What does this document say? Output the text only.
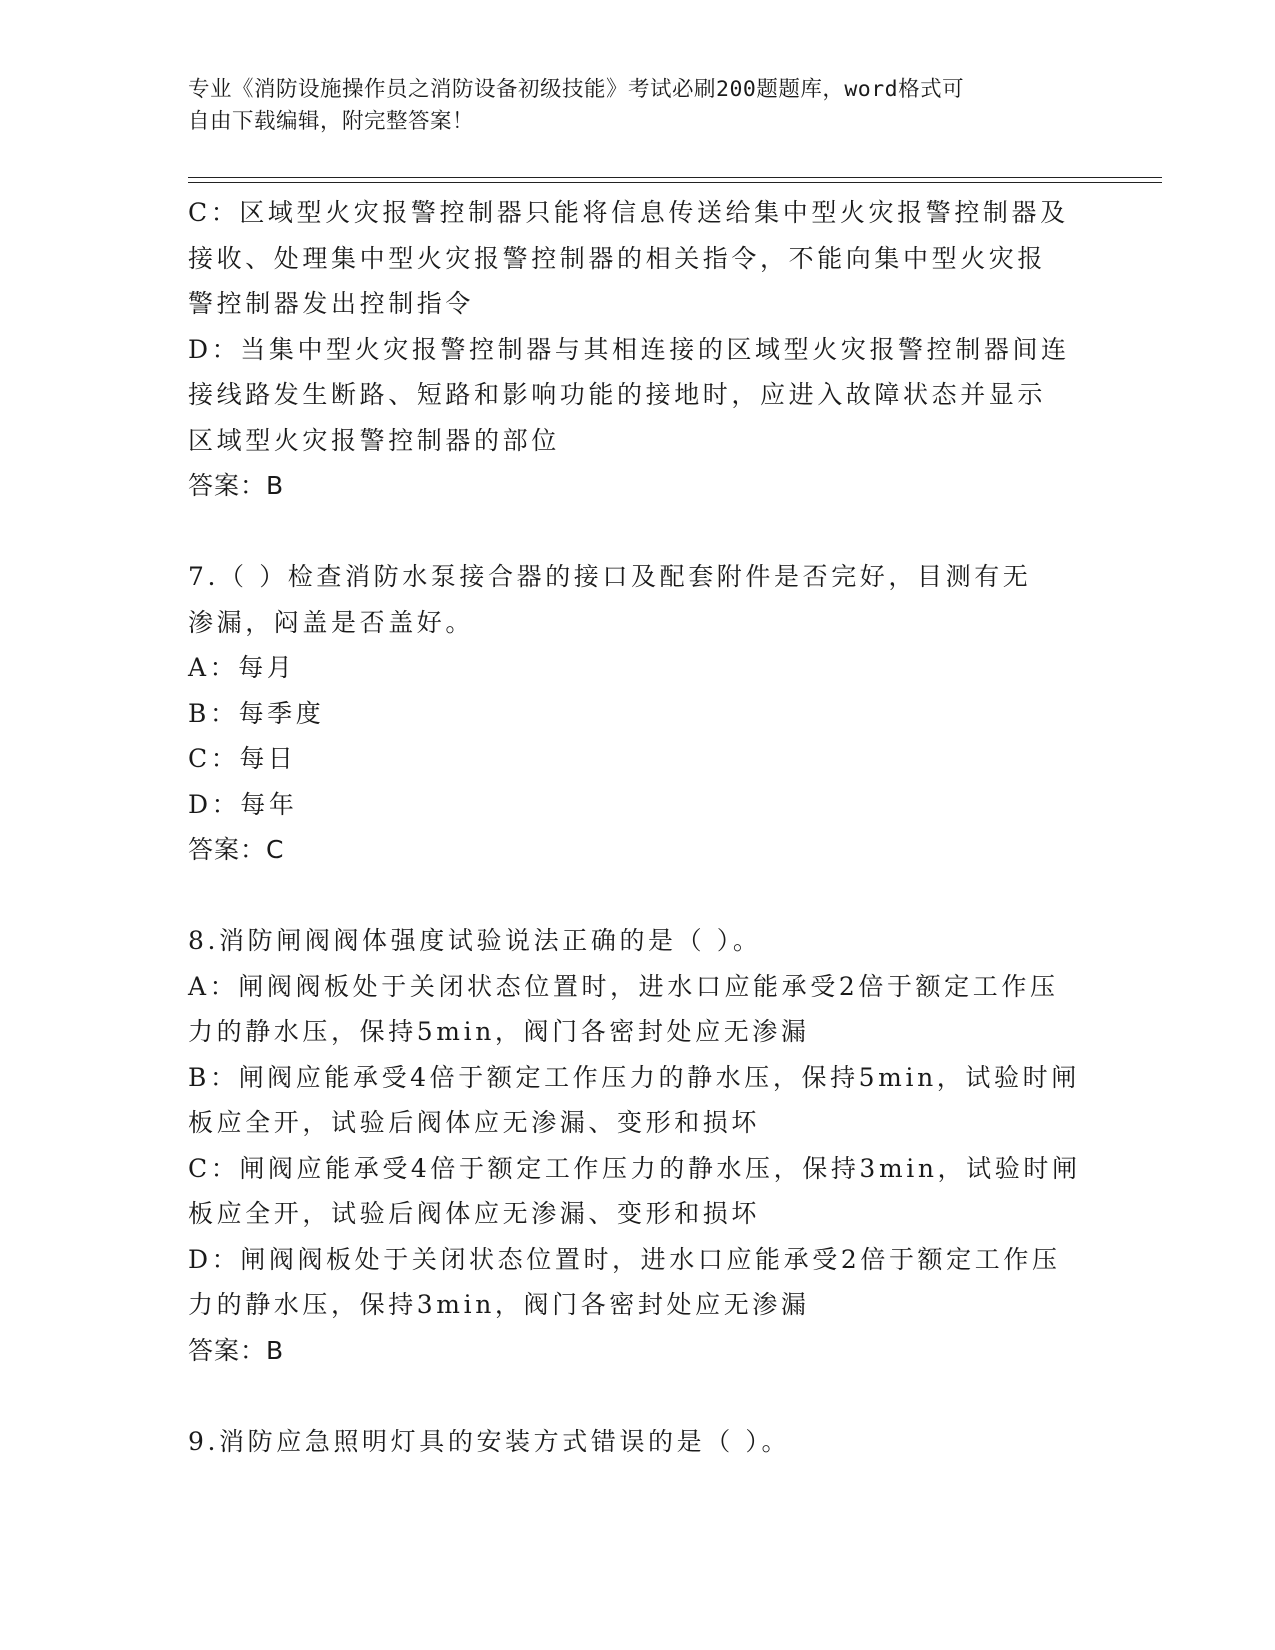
专业《消防设施操作员之消防设备初级技能》考试必刷200题题库，word格式可
自由下载编辑，附完整答案！
C：区域型火灾报警控制器只能将信息传送给集中型火灾报警控制器及
接收、处理集中型火灾报警控制器的相关指令，不能向集中型火灾报
警控制器发出控制指令
D：当集中型火灾报警控制器与其相连接的区域型火灾报警控制器间连
接线路发生断路、短路和影响功能的接地时，应进入故障状态并显示
区域型火灾报警控制器的部位
答案：B
7.（ ）检查消防水泵接合器的接口及配套附件是否完好，目测有无
渗漏，闷盖是否盖好。
A：每月
B：每季度
C：每日
D：每年
答案：C
8.消防闸阀阀体强度试验说法正确的是（ ）。
A：闸阀阀板处于关闭状态位置时，进水口应能承受2倍于额定工作压
力的静水压，保持5min，阀门各密封处应无渗漏
B：闸阀应能承受4倍于额定工作压力的静水压，保持5min，试验时闸
板应全开，试验后阀体应无渗漏、变形和损坏
C：闸阀应能承受4倍于额定工作压力的静水压，保持3min，试验时闸
板应全开，试验后阀体应无渗漏、变形和损坏
D：闸阀阀板处于关闭状态位置时，进水口应能承受2倍于额定工作压
力的静水压，保持3min，阀门各密封处应无渗漏
答案：B
9.消防应急照明灯具的安装方式错误的是（ ）。
